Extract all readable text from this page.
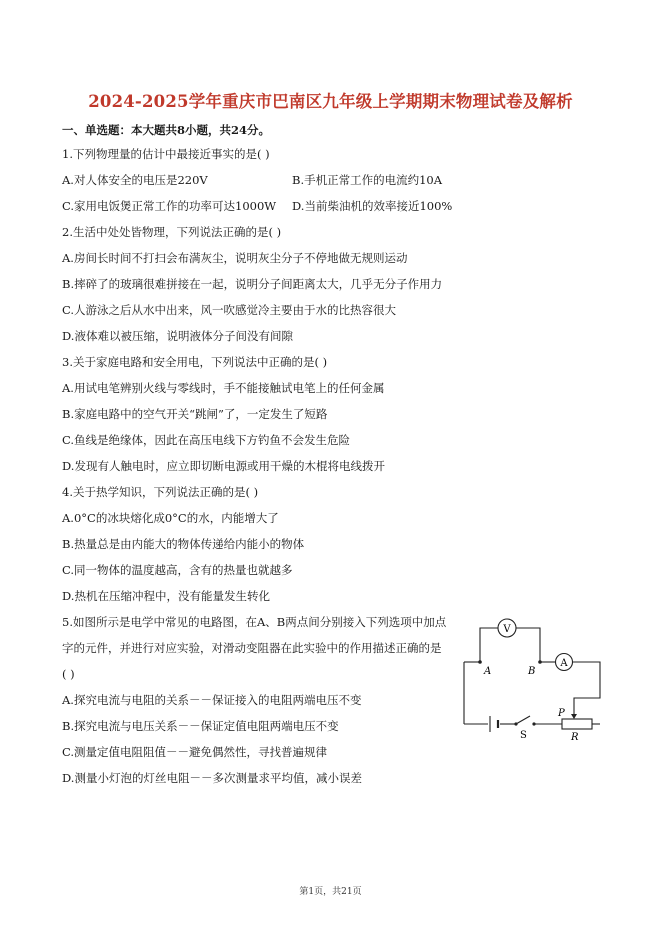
2024-2025学年重庆市巴南区九年级上学期期末物理试卷及解析
一、单选题：本大题共8小题，共24分。
1.下列物理量的估计中最接近事实的是( )
A.对人体安全的电压是220V	B.手机正常工作的电流约10A
C.家用电饭煲正常工作的功率可达1000W D.当前柴油机的效率接近100%
2.生活中处处皆物理，下列说法正确的是( )
A.房间长时间不打扫会布满灰尘，说明灰尘分子不停地做无规则运动
B.摔碎了的玻璃很难拼接在一起，说明分子间距离太大，几乎无分子作用力
C.人游泳之后从水中出来，风一吹感觉冷主要由于水的比热容很大
D.液体难以被压缩，说明液体分子间没有间隙
3.关于家庭电路和安全用电，下列说法中正确的是( )
A.用试电笔辨别火线与零线时，手不能接触试电笔上的任何金属
B.家庭电路中的空气开关“跳闸”了，一定发生了短路
C.鱼线是绝缘体，因此在高压电线下方钓鱼不会发生危险
D.发现有人触电时，应立即切断电源或用干燥的木棍将电线拨开
4.关于热学知识，下列说法正确的是( )
A.0°C的冰块熔化成0°C的水，内能增大了
B.热量总是由内能大的物体传递给内能小的物体
C.同一物体的温度越高，含有的热量也就越多
D.热机在压缩冲程中，没有能量发生转化
5.如图所示是电学中常见的电路图，在A、B两点间分别接入下列选项中加点
字的元件，并进行对应实验，对滑动变阻器在此实验中的作用描述正确的是
( )
A.探究电流与电阻的关系－－保证接入的电阻两端电压不变
B.探究电流与电压关系－－保证定值电阻两端电压不变
C.测量定值电阻阻值－－避免偶然性，寻找普遍规律
D.测量小灯泡的灯丝电阻－－多次测量求平均值，减小误差
V
A
A	B
P
R
S
第1页，共21页
